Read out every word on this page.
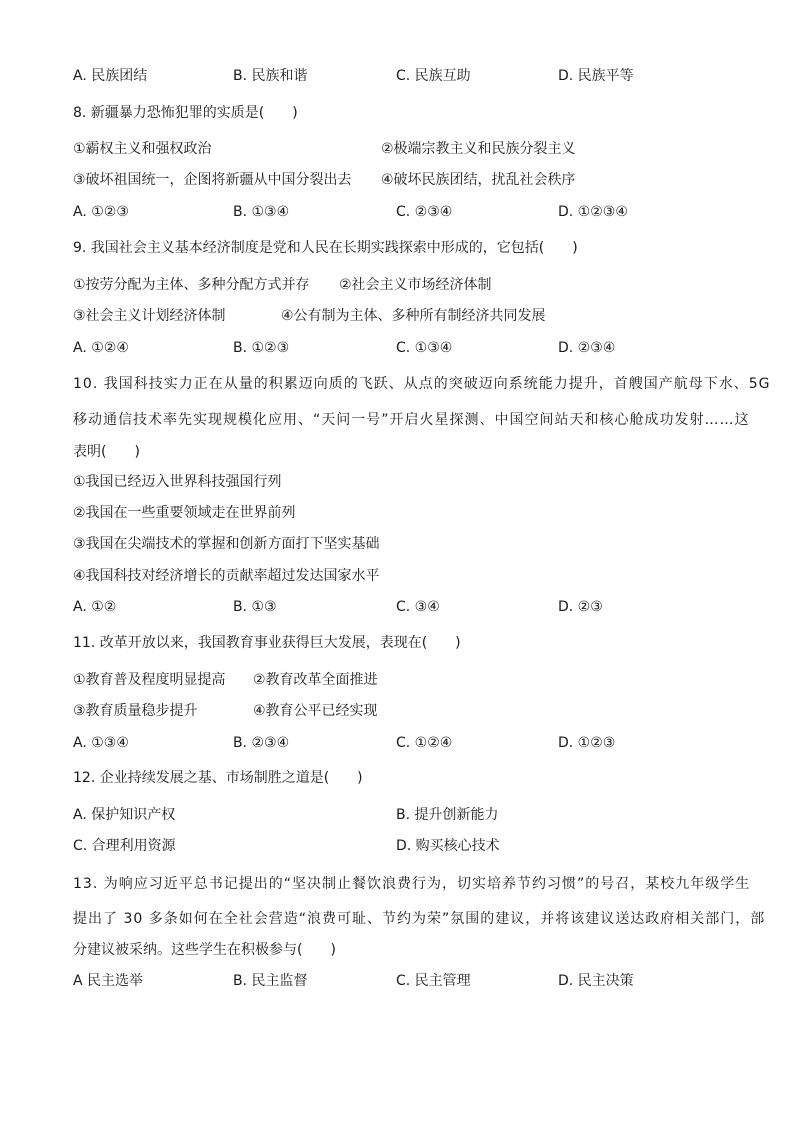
A. 民族团结	B. 民族和谐	C. 民族互助	D. 民族平等
8. 新疆暴力恐怖犯罪的实质是(　　)
①霸权主义和强权政治	②极端宗教主义和民族分裂主义
③破坏祖国统一，企图将新疆从中国分裂出去 ④破坏民族团结，扰乱社会秩序
A. ①②③	B. ①③④	C. ②③④	D. ①②③④
9. 我国社会主义基本经济制度是党和人民在长期实践探索中形成的，它包括(　　)
①按劳分配为主体、多种分配方式并存 ②社会主义市场经济体制
③社会主义计划经济体制	④公有制为主体、多种所有制经济共同发展
A. ①②④	B. ①②③	C. ①③④	D. ②③④
10. 我国科技实力正在从量的积累迈向质的飞跃、从点的突破迈向系统能力提升，首艘国产航母下水、5G
移动通信技术率先实现规模化应用、“天问一号”开启火星探测、中国空间站天和核心舱成功发射……这
表明(　　)
①我国已经迈入世界科技强国行列
②我国在一些重要领域走在世界前列
③我国在尖端技术的掌握和创新方面打下坚实基础
④我国科技对经济增长的贡献率超过发达国家水平
A. ①②	B. ①③	C. ③④	D. ②③
11. 改革开放以来，我国教育事业获得巨大发展，表现在(　　)
①教育普及程度明显提高 ②教育改革全面推进
③教育质量稳步提升	④教育公平已经实现
A. ①③④	B. ②③④	C. ①②④	D. ①②③
12. 企业持续发展之基、市场制胜之道是(　　)
A. 保护知识产权	B. 提升创新能力
C. 合理利用资源	D. 购买核心技术
13. 为响应习近平总书记提出的“坚决制止餐饮浪费行为，切实培养节约习惯”的号召，某校九年级学生
提出了 30 多条如何在全社会营造“浪费可耻、节约为荣”氛围的建议，并将该建议送达政府相关部门，部
分建议被采纳。这些学生在积极参与(　　)
A 民主选举	B. 民主监督	C. 民主管理	D. 民主决策
